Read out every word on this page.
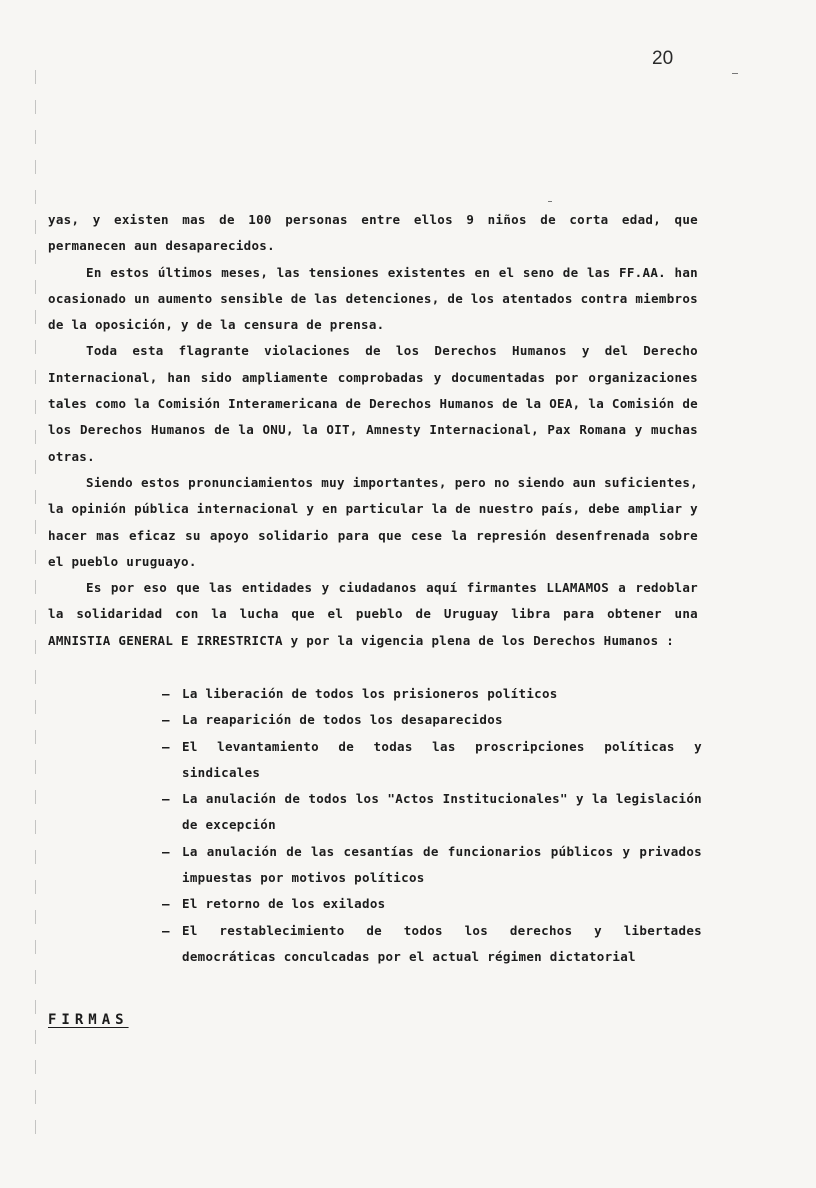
20

yas, y existen mas de 100 personas entre ellos 9 niños de corta edad, que permanecen aun desaparecidos.

En estos últimos meses, las tensiones existentes en el seno de las FF.AA. han ocasionado un aumento sensible de las detenciones, de los atentados contra miembros de la oposición, y de la censura de prensa.

Toda esta flagrante violaciones de los Derechos Humanos y del Derecho Internacional, han sido ampliamente comprobadas y documentadas por organizaciones tales como la Comisión Interamericana de Derechos Humanos de la OEA, la Comisión de los Derechos Humanos de la ONU, la OIT, Amnesty Internacional, Pax Romana y muchas otras.

Siendo estos pronunciamientos muy importantes, pero no siendo aun suficientes, la opinión pública internacional y en particular la de nuestro país, debe ampliar y hacer mas eficaz su apoyo solidario para que cese la represión desenfrenada sobre el pueblo uruguayo.

Es por eso que las entidades y ciudadanos aquí firmantes LLAMAMOS a redoblar la solidaridad con la lucha que el pueblo de Uruguay libra para obtener una AMNISTIA GENERAL E IRRESTRICTA y por la vigencia plena de los Derechos Humanos :

– La liberación de todos los prisioneros políticos
– La reaparición de todos los desaparecidos
– El levantamiento de todas las proscripciones políticas y sindicales
– La anulación de todos los "Actos Institucionales" y la legislación de excepción
– La anulación de las cesantías de funcionarios públicos y privados impuestas por motivos políticos
– El retorno de los exilados
– El restablecimiento de todos los derechos y libertades democráticas conculcadas por el actual régimen dictatorial
FIRMAS
